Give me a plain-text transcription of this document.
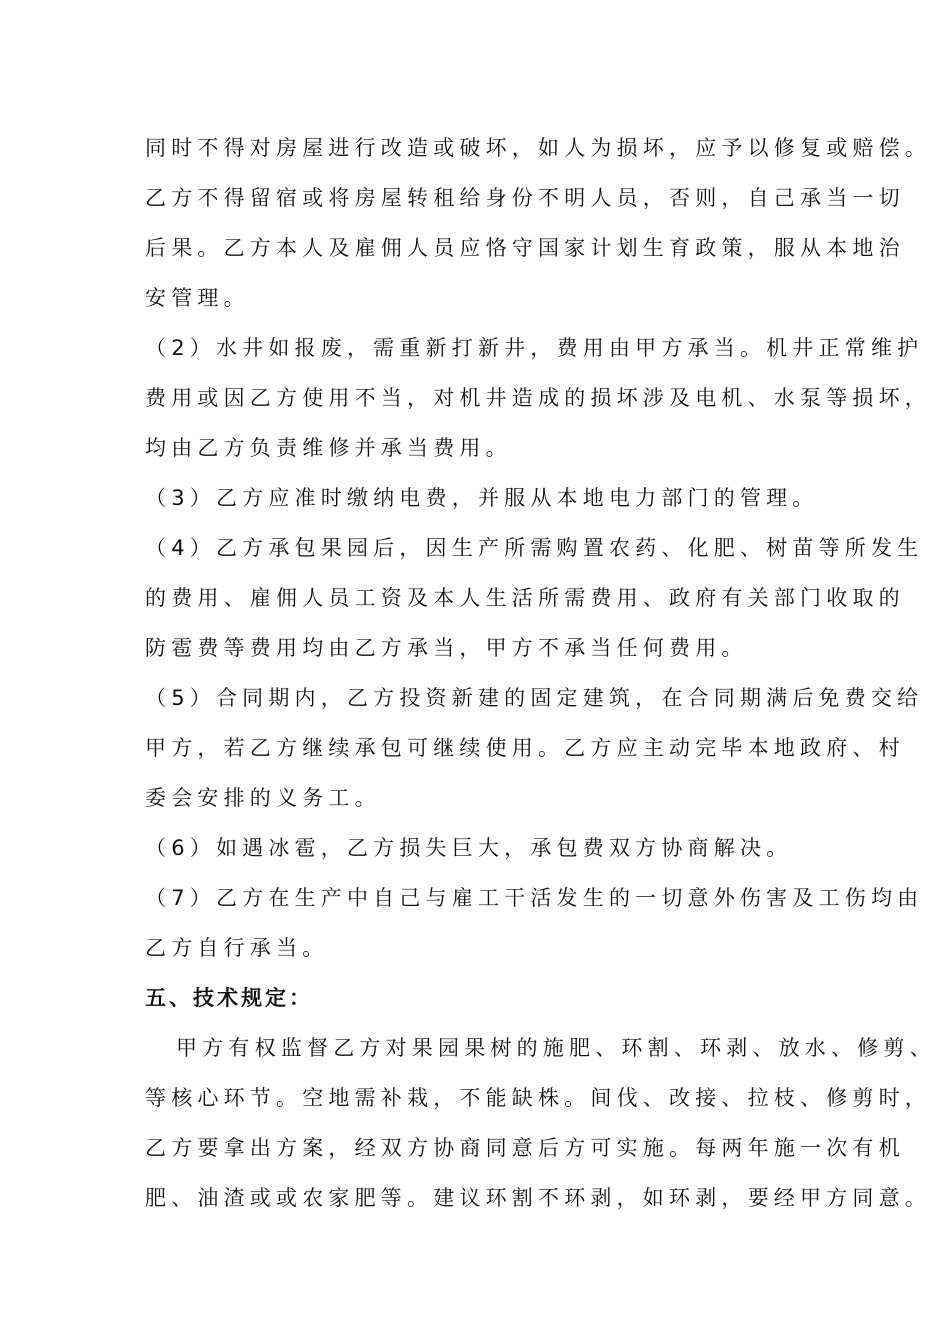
同时不得对房屋进行改造或破坏，如人为损坏，应予以修复或赔偿。
乙方不得留宿或将房屋转租给身份不明人员，否则，自己承当一切
后果。乙方本人及雇佣人员应恪守国家计划生育政策，服从本地治
安管理。
（2）水井如报废，需重新打新井，费用由甲方承当。机井正常维护
费用或因乙方使用不当，对机井造成的损坏涉及电机、水泵等损坏，
均由乙方负责维修并承当费用。
（3）乙方应准时缴纳电费，并服从本地电力部门的管理。
（4）乙方承包果园后，因生产所需购置农药、化肥、树苗等所发生
的费用、雇佣人员工资及本人生活所需费用、政府有关部门收取的
防雹费等费用均由乙方承当，甲方不承当任何费用。
（5）合同期内，乙方投资新建的固定建筑，在合同期满后免费交给
甲方，若乙方继续承包可继续使用。乙方应主动完毕本地政府、村
委会安排的义务工。
（6）如遇冰雹，乙方损失巨大，承包费双方协商解决。
（7）乙方在生产中自己与雇工干活发生的一切意外伤害及工伤均由
乙方自行承当。
五、技术规定：
甲方有权监督乙方对果园果树的施肥、环割、环剥、放水、修剪、
等核心环节。空地需补栽，不能缺株。间伐、改接、拉枝、修剪时，
乙方要拿出方案，经双方协商同意后方可实施。每两年施一次有机
肥、油渣或或农家肥等。建议环割不环剥，如环剥，要经甲方同意。
